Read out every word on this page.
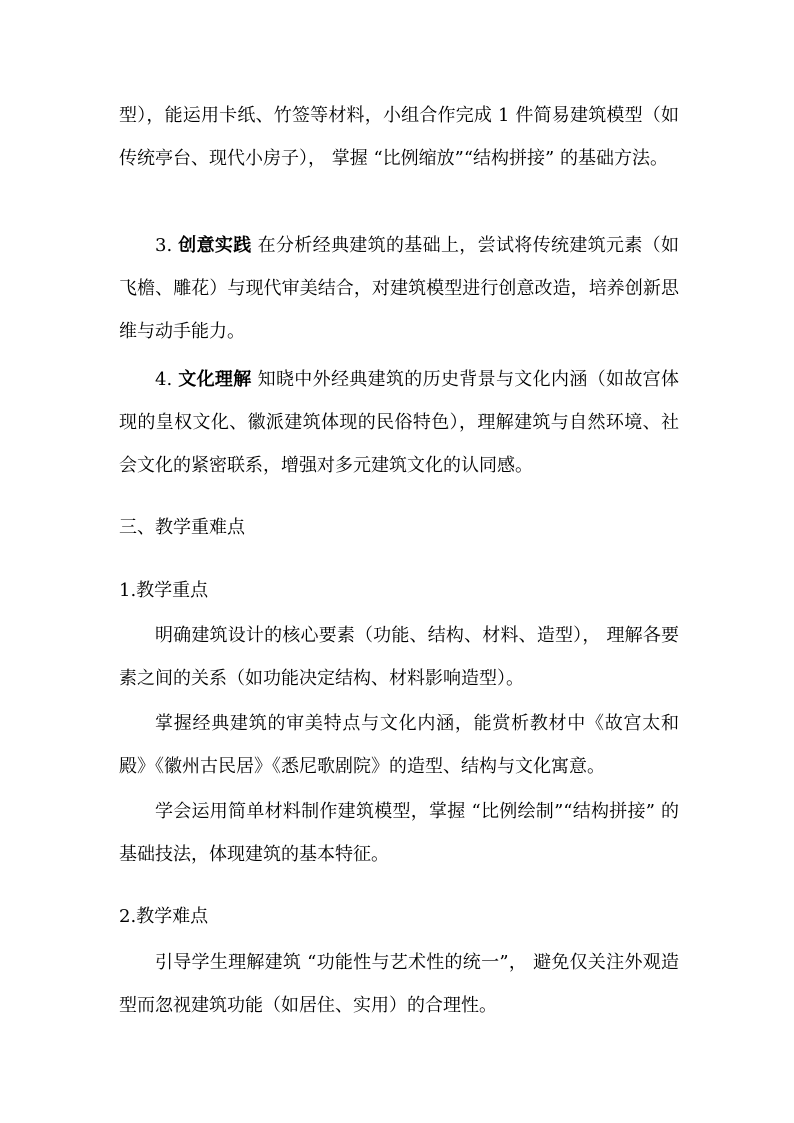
型），能运用卡纸、竹签等材料，小组合作完成 1 件简易建筑模型（如传统亭台、现代小房子）， 掌握 “比例缩放”“结构拼接” 的基础方法。

3. 创意实践 在分析经典建筑的基础上，尝试将传统建筑元素（如飞檐、雕花）与现代审美结合，对建筑模型进行创意改造，培养创新思维与动手能力。

4. 文化理解 知晓中外经典建筑的历史背景与文化内涵（如故宫体现的皇权文化、徽派建筑体现的民俗特色），理解建筑与自然环境、社会文化的紧密联系，增强对多元建筑文化的认同感。

三、教学重难点
1.教学重点

明确建筑设计的核心要素（功能、结构、材料、造型）， 理解各要素之间的关系（如功能决定结构、材料影响造型）。

掌握经典建筑的审美特点与文化内涵，能赏析教材中《故宫太和殿》《徽州古民居》《悉尼歌剧院》的造型、结构与文化寓意。

学会运用简单材料制作建筑模型，掌握 “比例绘制”“结构拼接” 的基础技法，体现建筑的基本特征。

2.教学难点

引导学生理解建筑 “功能性与艺术性的统一”， 避免仅关注外观造型而忽视建筑功能（如居住、实用）的合理性。
